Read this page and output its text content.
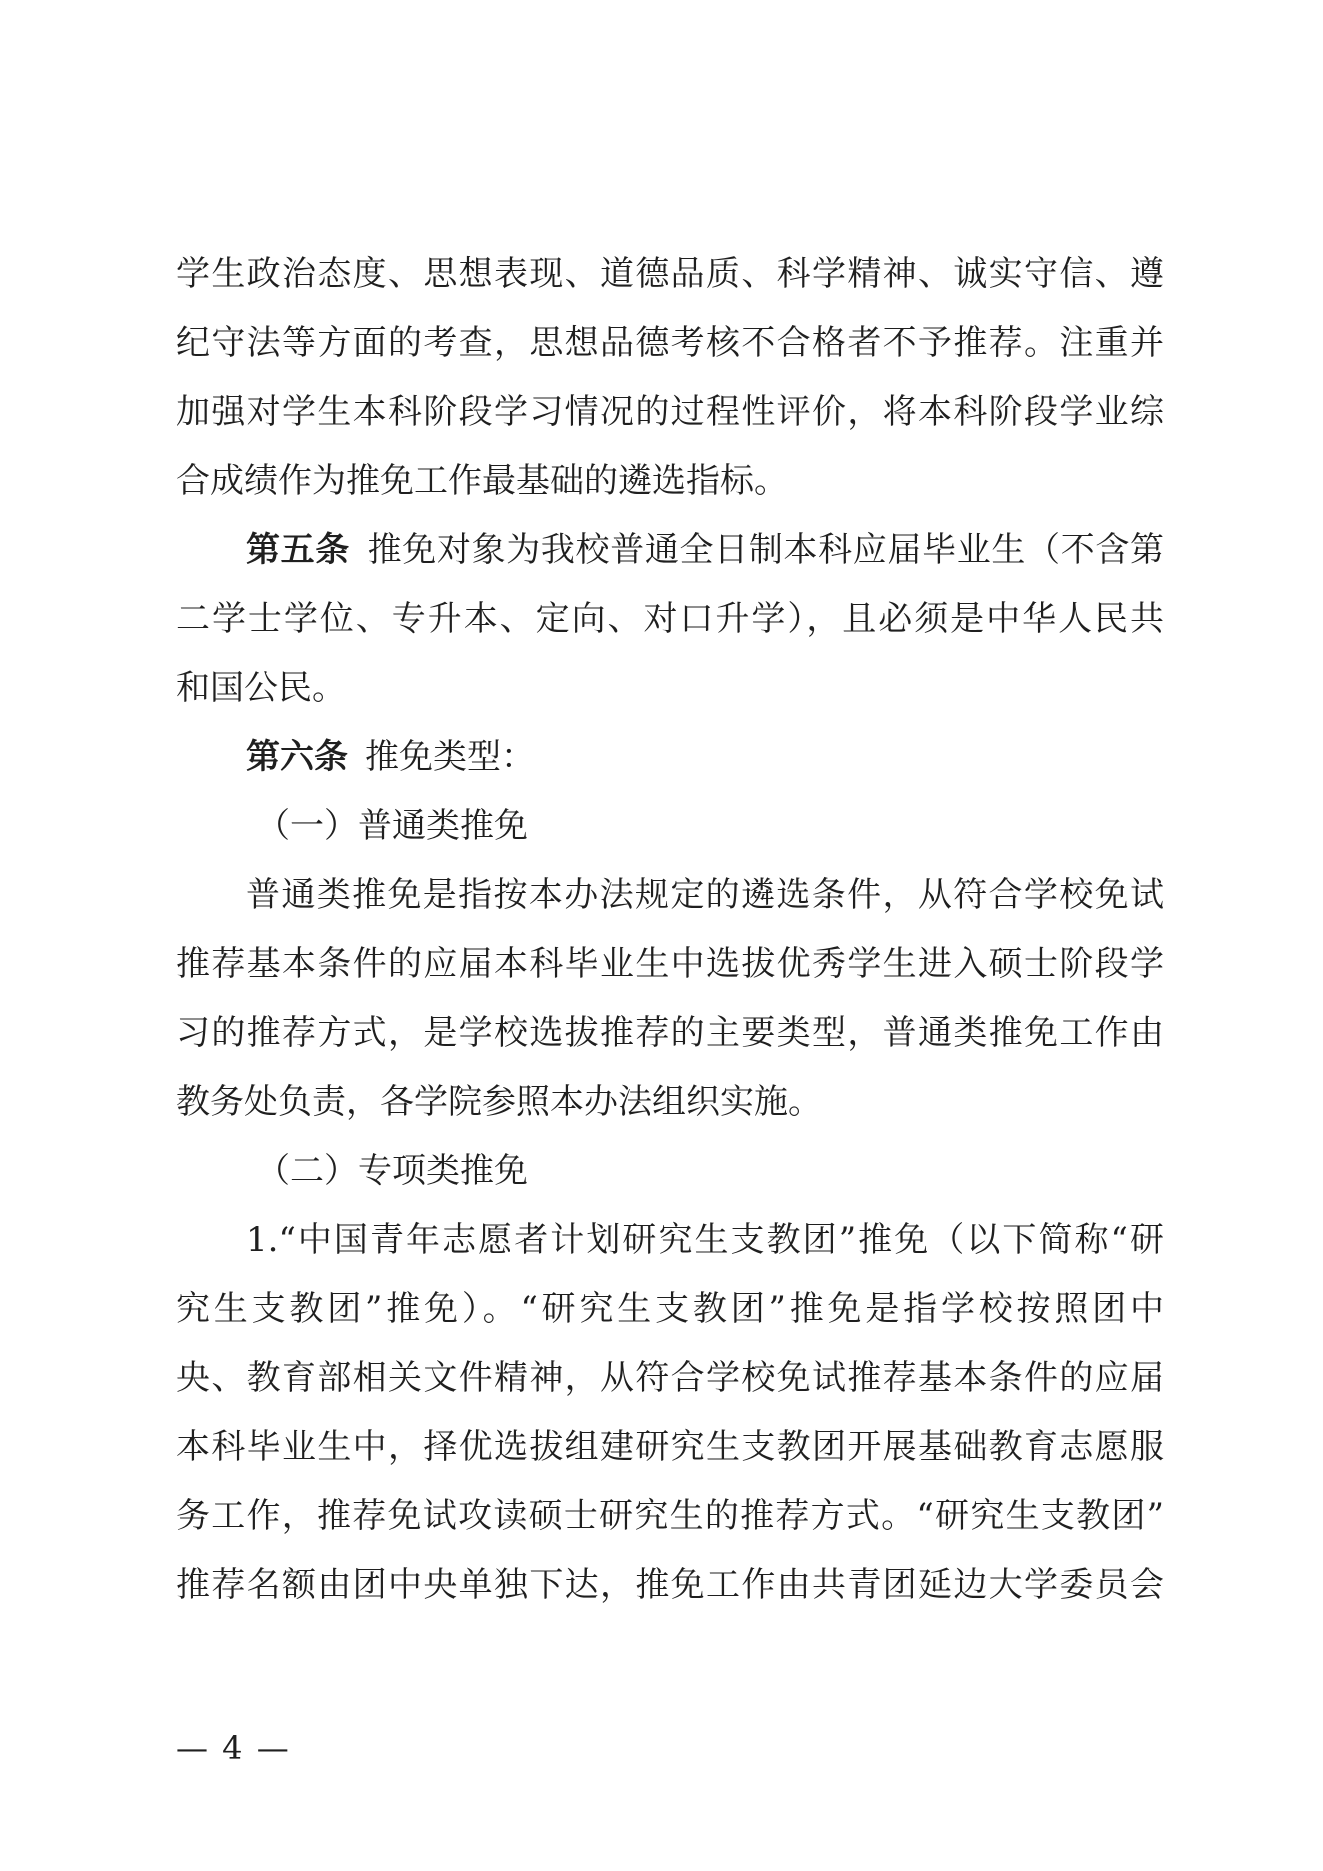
学生政治态度、思想表现、道德品质、科学精神、诚实守信、遵
纪守法等方面的考查，思想品德考核不合格者不予推荐。注重并
加强对学生本科阶段学习情况的过程性评价，将本科阶段学业综
合成绩作为推免工作最基础的遴选指标。
第五条  推免对象为我校普通全日制本科应届毕业生（不含第
二学士学位、专升本、定向、对口升学），且必须是中华人民共
和国公民。
第六条  推免类型：
（一）普通类推免
普通类推免是指按本办法规定的遴选条件，从符合学校免试
推荐基本条件的应届本科毕业生中选拔优秀学生进入硕士阶段学
习的推荐方式，是学校选拔推荐的主要类型，普通类推免工作由
教务处负责，各学院参照本办法组织实施。
（二）专项类推免
1.“中国青年志愿者计划研究生支教团”推免（以下简称“研
究生支教团”推免）。“研究生支教团”推免是指学校按照团中
央、教育部相关文件精神，从符合学校免试推荐基本条件的应届
本科毕业生中，择优选拔组建研究生支教团开展基础教育志愿服
务工作，推荐免试攻读硕士研究生的推荐方式。“研究生支教团”
推荐名额由团中央单独下达，推免工作由共青团延边大学委员会
— 4 —
